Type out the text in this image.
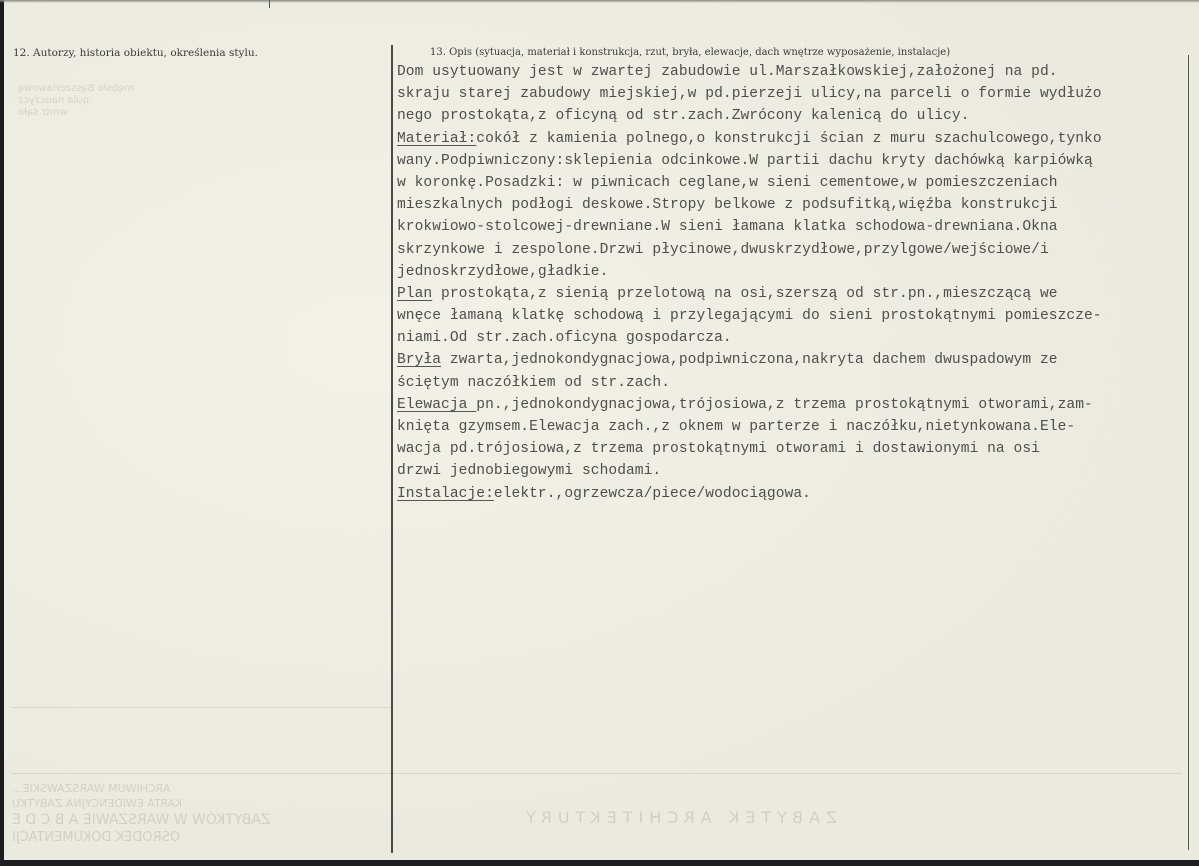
12. Autorzy, historia obiektu, określenia stylu.
mębsło Bąsszerlawowę
quia nauczycz
wmtr śąło
13. Opis (sytuacja, materiał i konstrukcja, rzut, bryła, elewacje, dach wnętrze wyposażenie, instalacje)
Dom usytuowany jest w zwartej zabudowie ul.Marszałkowskiej,założonej na pd.
skraju starej zabudowy miejskiej,w pd.pierzeji ulicy,na parceli o formie wydłużo
nego prostokąta,z oficyną od str.zach.Zwrócony kalenicą do ulicy.
Materiał:cokół z kamienia polnego,o konstrukcji ścian z muru szachulcowego,tynko
wany.Podpiwniczony:sklepienia odcinkowe.W partii dachu kryty dachówką karpiówką
w koronkę.Posadzki: w piwnicach ceglane,w sieni cementowe,w pomieszczeniach
mieszkalnych podłogi deskowe.Stropy belkowe z podsufitką,więźba konstrukcji
krokwiowo-stolcowej-drewniane.W sieni łamana klatka schodowa-drewniana.Okna
skrzynkowe i zespolone.Drzwi płycinowe,dwuskrzydłowe,przylgowe/wejściowe/i
jednoskrzydłowe,gładkie.
Plan prostokąta,z sienią przelotową na osi,szerszą od str.pn.,mieszczącą we
wnęce łamaną klatkę schodową i przylegającymi do sieni prostokątnymi pomieszcze-
niami.Od str.zach.oficyna gospodarcza.
Bryła zwarta,jednokondygnacjowa,podpiwniczona,nakryta dachem dwuspadowym ze
ściętym naczółkiem od str.zach.
Elewacja pn.,jednokondygnacjowa,trójosiowa,z trzema prostokątnymi otworami,zam-
knięta gzymsem.Elewacja zach.,z oknem w parterze i naczółku,nietynkowana.Ele-
wacja pd.trójosiowa,z trzema prostokątnymi otworami i dostawionymi na osi
drzwi jednobiegowymi schodami.
Instalacje:elektr.,ogrzewcza/piece/wodociągowa.
ARCHIWUM WARSZAWSKIE...
KARTA EWIDENCYJNA ZABYTKU
ZABYTKÓW W WARSZAWIE A B C D E
OŚRODEK DOKUMENTACJI
ZABYTEK ARCHITEKTURY
